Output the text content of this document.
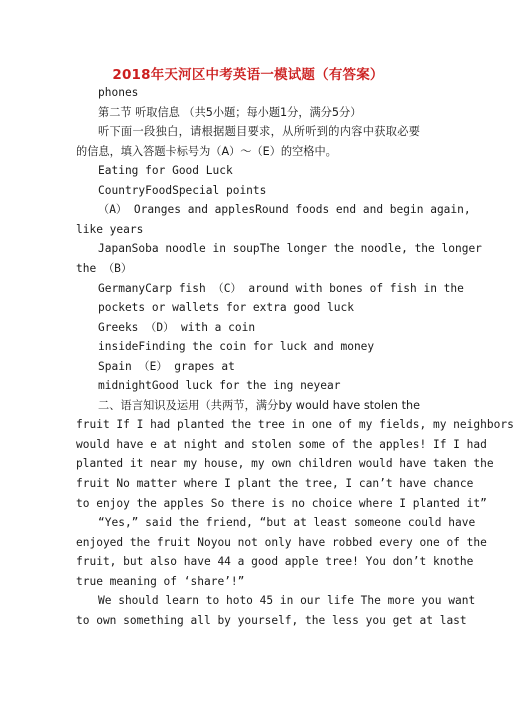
2018年天河区中考英语一模试题（有答案）
phones
第二节 听取信息 （共5小题；每小题1分，满分5分）
听下面一段独白，请根据题目要求，从所听到的内容中获取必要
的信息，填入答题卡标号为（A）～（E）的空格中。
Eating for Good Luck
CountryFoodSpecial points
（A） Oranges and applesRound foods end and begin again,
like years
JapanSoba noodle in soupThe longer the noodle, the longer
the （B）
GermanyCarp fish （C） around with bones of fish in the
pockets or wallets for extra good luck
Greeks （D） with a coin
insideFinding the coin for luck and money
Spain （E） grapes at
midnightGood luck for the ing neyear
二、语言知识及运用（共两节，满分by would have stolen the
fruit If I had planted the tree in one of my fields, my neighbors
would have e at night and stolen some of the apples! If I had
planted it near my house, my own children would have taken the
fruit No matter where I plant the tree, I can’t have chance
to enjoy the apples So there is no choice where I planted it”
“Yes,” said the friend, “but at least someone could have
enjoyed the fruit Noyou not only have robbed every one of the
fruit, but also have 44 a good apple tree! You don’t knothe
true meaning of ‘share’!”
We should learn to hoto 45 in our life The more you want
to own something all by yourself, the less you get at last
